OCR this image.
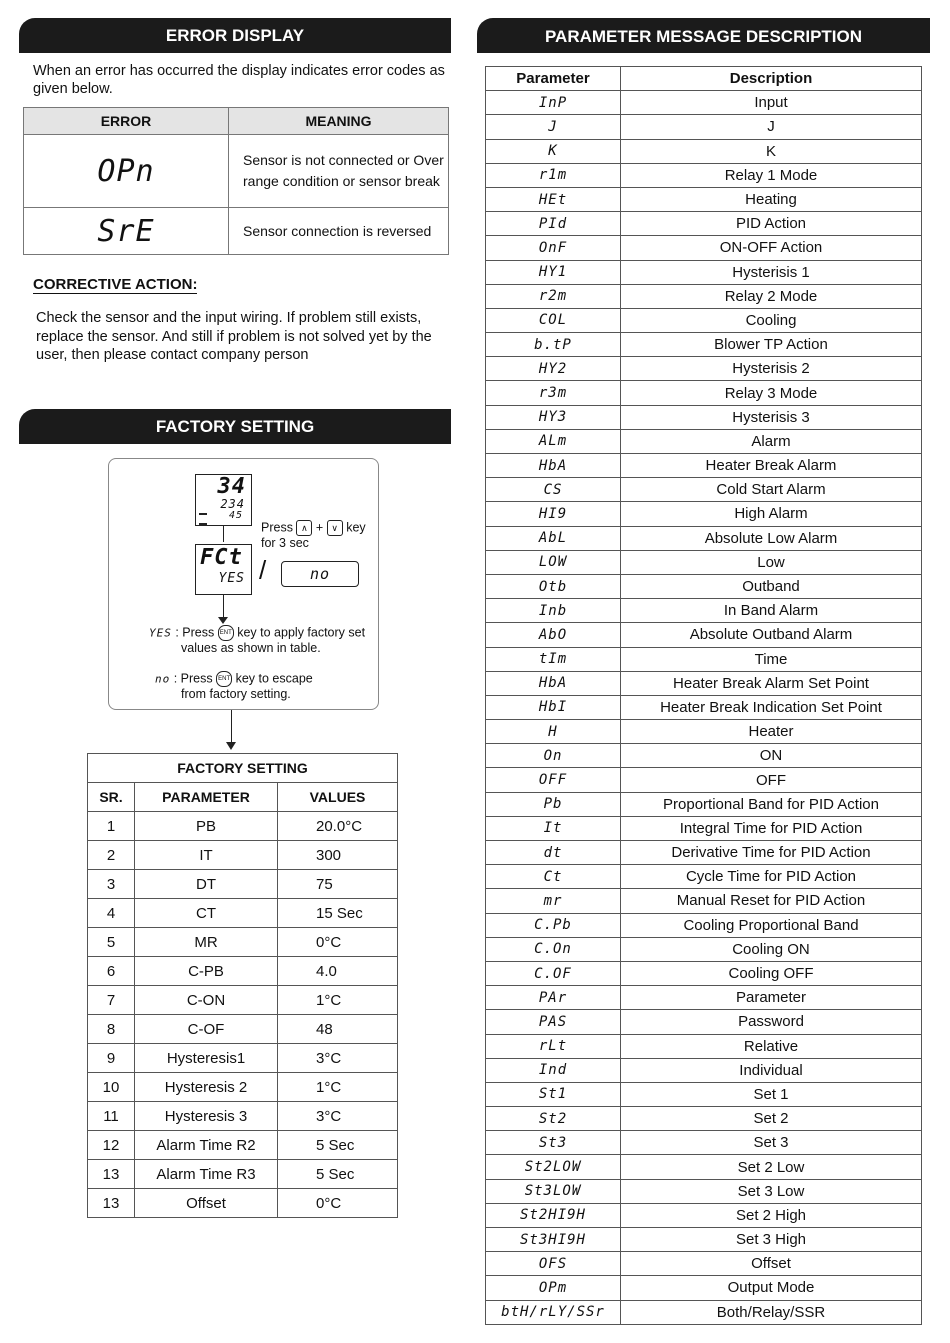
ERROR DISPLAY
When an error has occurred the display indicates error codes as given below.
ERROR	MEANING
OPn	Sensor is not connected or Over range condition or sensor break
SrE	Sensor connection is reversed
CORRECTIVE ACTION:
Check the sensor and the input wiring. If problem still exists, replace the sensor. And still if problem is not solved yet by the user, then please contact company person
FACTORY SETTING
34
234
45
FCt
YES
Press ∧ + ∨ key for 3 sec
/	no
YES : Press ENT key to apply factory set
values as shown in table.
no : Press ENT key to escape
from factory setting.
FACTORY SETTING		
SR.	PARAMETER	VALUES
1	PB	20.0°C
2	IT	300
3	DT	75
4	CT	15 Sec
5	MR	0°C
6	C-PB	4.0
7	C-ON	1°C
8	C-OF	48
9	Hysteresis1	3°C
10	Hysteresis 2	1°C
11	Hysteresis 3	3°C
12	Alarm Time R2	5 Sec
13	Alarm Time R3	5 Sec
13	Offset	0°C
PARAMETER MESSAGE DESCRIPTION
Parameter	Description
InP	Input
J	J
K	K
r1m	Relay 1 Mode
HEt	Heating
PId	PID Action
OnF	ON-OFF Action
HY1	Hysterisis 1
r2m	Relay 2 Mode
COL	Cooling
b.tP	Blower TP Action
HY2	Hysterisis 2
r3m	Relay 3 Mode
HY3	Hysterisis 3
ALm	Alarm
HbA	Heater Break Alarm
CS	Cold Start Alarm
HI9	High Alarm
AbL	Absolute Low Alarm
LOW	Low
Otb	Outband
Inb	In Band Alarm
AbO	Absolute Outband Alarm
tIm	Time
HbA	Heater Break Alarm Set Point
HbI	Heater Break Indication Set Point
H	Heater
On	ON
OFF	OFF
Pb	Proportional Band for PID Action
It	Integral Time for PID Action
dt	Derivative Time for PID Action
Ct	Cycle Time for PID Action
mr	Manual Reset for PID Action
C.Pb	Cooling Proportional Band
C.On	Cooling ON
C.OF	Cooling OFF
PAr	Parameter
PAS	Password
rLt	Relative
Ind	Individual
St1	Set 1
St2	Set 2
St3	Set 3
St2LOW	Set 2 Low
St3LOW	Set 3 Low
St2HI9H	Set 2 High
St3HI9H	Set 3 High
OFS	Offset
OPm	Output Mode
btH/rLY/SSr	Both/Relay/SSR
